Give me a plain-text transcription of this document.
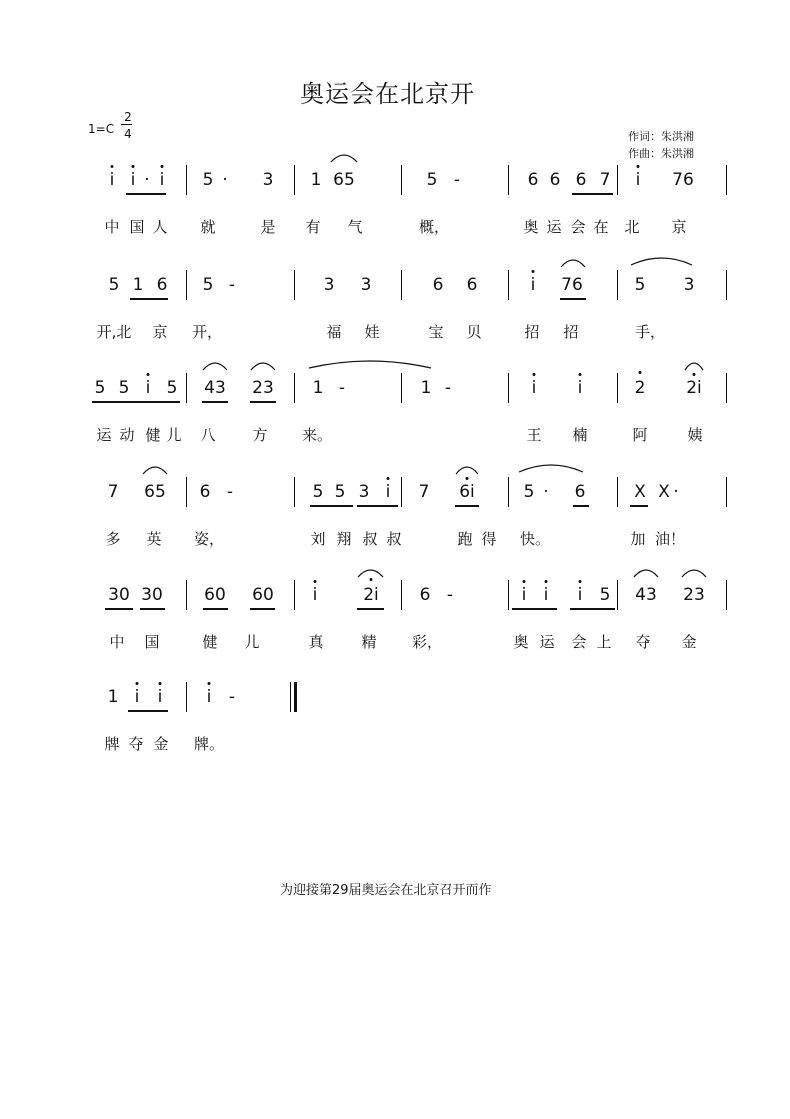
奥运会在北京开
1=C
2
4	作词：朱洪湘
作曲：朱洪湘
i i · i 5 · 3 1 65	5 -	6 6 6 7 i 76
中 国 人 就	是 有 气	概，	奥 运 会 在 北 京
5 1 6 5 -	3 3	6 6	i 76	5 3
开,北 京 开，	福 娃	宝 贝	招 招	手，
5 5 i 5 43 23 1 -	1 -	i i	2 2i
运 动 健 儿 八 方 来。	王 楠	阿	姨
7 65 6 -	5 5 3 i 7 6i	5 · 6	X X ·
多 英 姿，	刘 翔 叔 叔	跑 得 快。	加 油！
30 30 60 60 i	2i 6 -	i i i 5 43 23
中 国	健 儿	真	精 彩，	奥 运 会 上 夺 金
1 i i	i -
牌 夺 金 牌。
为迎接第29届奥运会在北京召开而作
